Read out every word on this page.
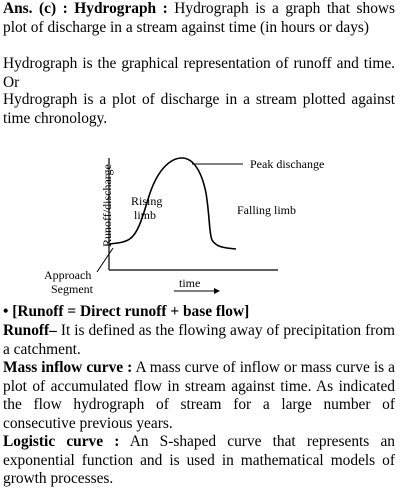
Ans. (c) : Hydrograph : Hydrograph is a graph that shows plot of discharge in a stream against time (in hours or days)

Hydrograph is the graphical representation of runoff and time. Or

Hydrograph is a plot of discharge in a stream plotted against time chronology.

Peak dischange
Rising
limb	Falling limb
Runoff/discharge
Approach
Segment	time

• [Runoff = Direct runoff + base flow]

Runoff– It is defined as the flowing away of precipitation from a catchment.

Mass inflow curve : A mass curve of inflow or mass curve is a plot of accumulated flow in stream against time. As indicated the flow hydrograph of stream for a large number of consecutive previous years.

Logistic curve : An S-shaped curve that represents an exponential function and is used in mathematical models of growth processes.
